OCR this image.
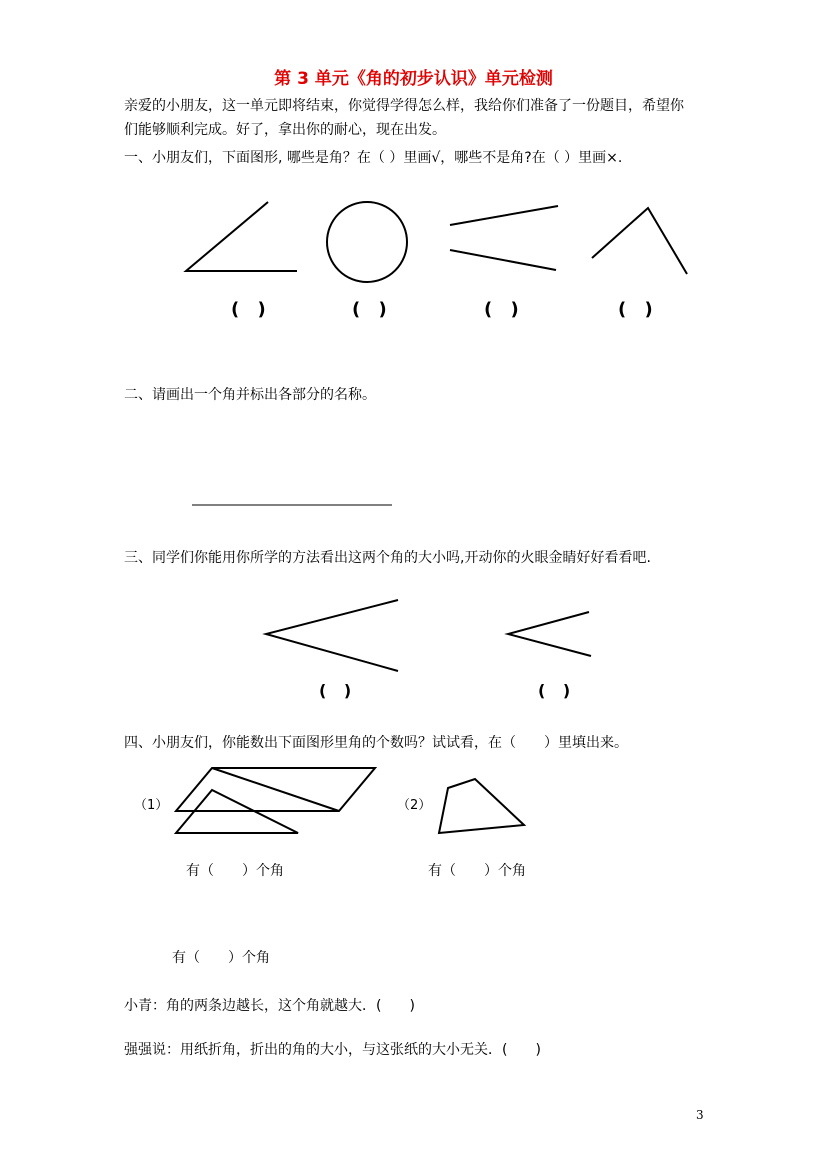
第 3 单元《角的初步认识》单元检测
亲爱的小朋友，这一单元即将结束，你觉得学得怎么样，我给你们准备了一份题目，希望你
们能够顺利完成。好了，拿出你的耐心，现在出发。
一、小朋友们，下面图形, 哪些是角？在（ ）里画√，哪些不是角?在（ ）里画×.
( )	( )	( )	( )
二、请画出一个角并标出各部分的名称。
三、同学们你能用你所学的方法看出这两个角的大小吗,开动你的火眼金睛好好看看吧.
( )	( )
四、小朋友们，你能数出下面图形里角的个数吗？试试看，在（　　）里填出来。
（1）	（2）
有（　　）个角	有（　　）个角
有（　　）个角
小青：角的两条边越长，这个角就越大．(　　)
强强说：用纸折角，折出的角的大小，与这张纸的大小无关．(　　)
3
